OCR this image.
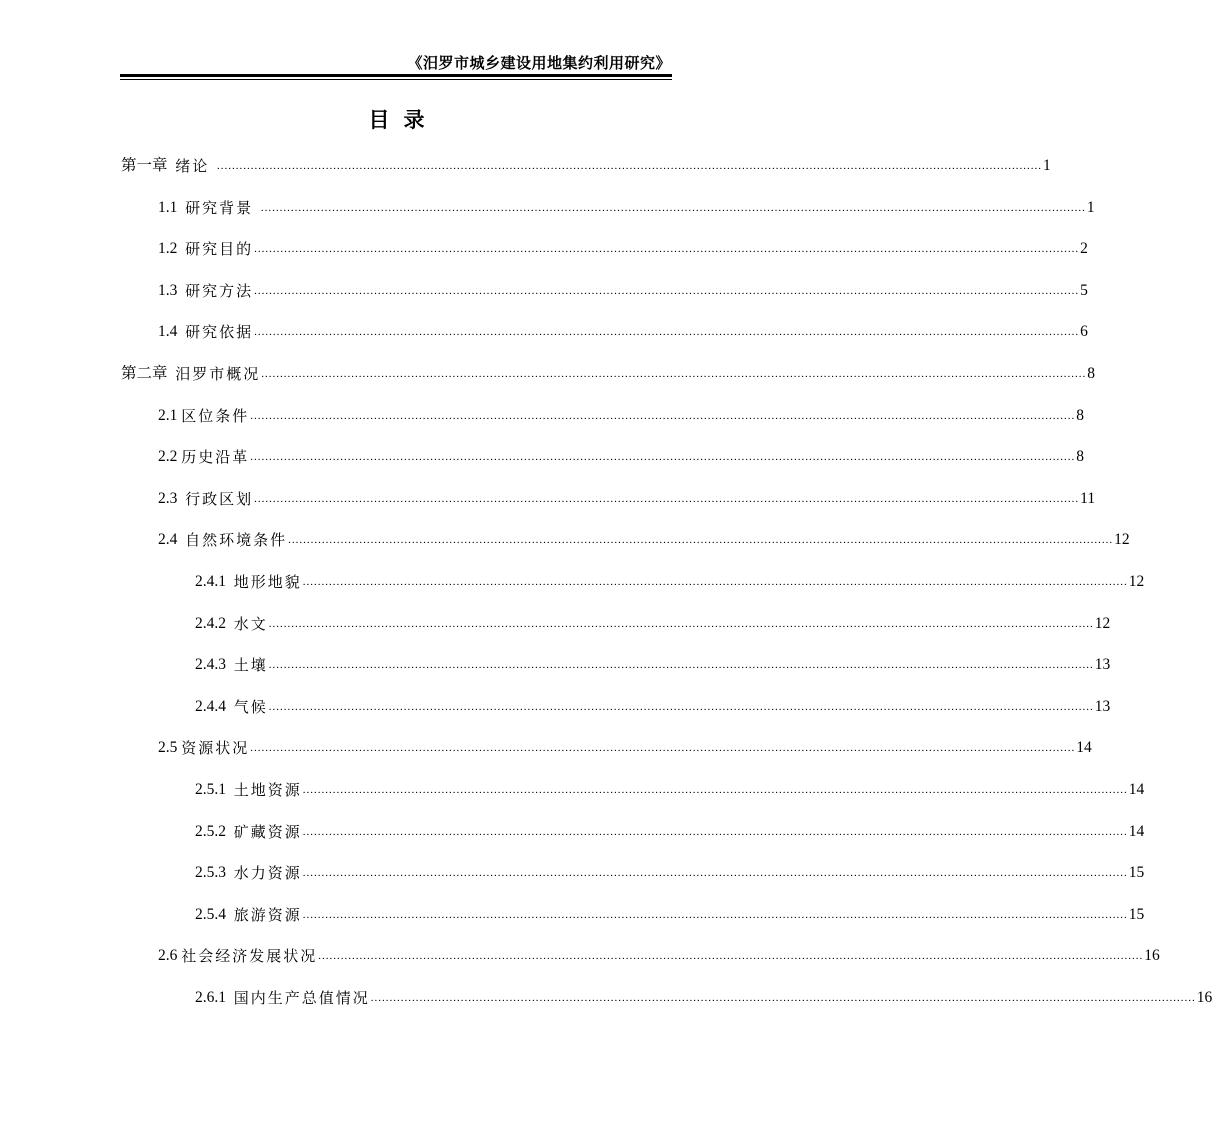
《汨罗市城乡建设用地集约利用研究》
目录
第一章
绪论 ............................................................................................................................................................................................................................ 1
1.1
研究背景 ............................................................................................................................................................................................................................ 1
1.2
研究目的 ............................................................................................................................................................................................................................ 2
1.3
研究方法 ............................................................................................................................................................................................................................ 5
1.4
研究依据 ............................................................................................................................................................................................................................ 6
第二章
汨罗市概况 ............................................................................................................................................................................................................................ 8
2.1
区位条件 ............................................................................................................................................................................................................................ 8
2.2
历史沿革 ............................................................................................................................................................................................................................ 8
2.3
行政区划 ............................................................................................................................................................................................................................ 11
2.4
自然环境条件 ............................................................................................................................................................................................................................ 12
2.4.1
地形地貌 ............................................................................................................................................................................................................................ 12
2.4.2
水文 ............................................................................................................................................................................................................................ 12
2.4.3
土壤 ............................................................................................................................................................................................................................ 13
2.4.4
气候 ............................................................................................................................................................................................................................ 13
2.5
资源状况 ............................................................................................................................................................................................................................ 14
2.5.1
土地资源 ............................................................................................................................................................................................................................ 14
2.5.2
矿藏资源 ............................................................................................................................................................................................................................ 14
2.5.3
水力资源 ............................................................................................................................................................................................................................ 15
2.5.4
旅游资源 ............................................................................................................................................................................................................................ 15
2.6
社会经济发展状况 ............................................................................................................................................................................................................................ 16
2.6.1
国内生产总值情况 ............................................................................................................................................................................................................................ 16
